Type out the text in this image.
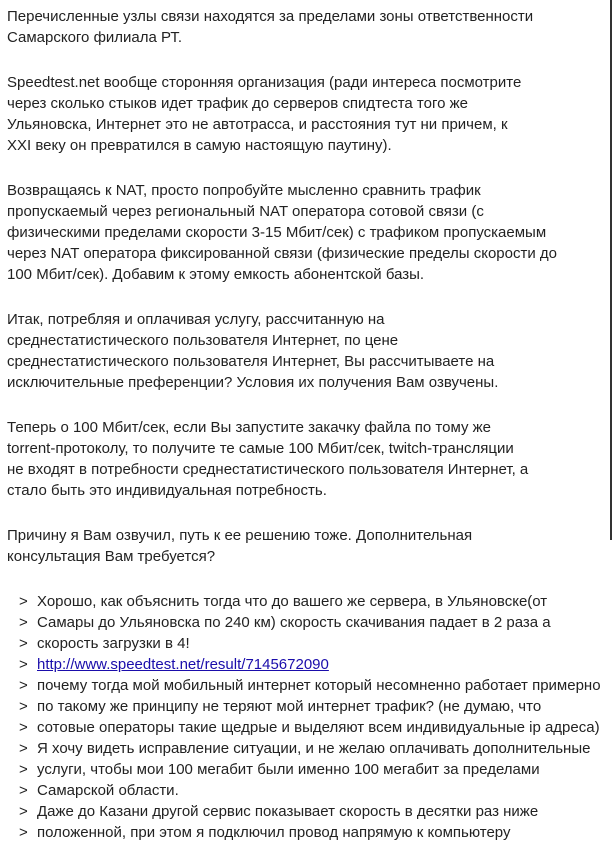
Перечисленные узлы связи находятся за пределами зоны ответственности
Самарского филиала РТ.
Speedtest.net вообще сторонняя организация (ради интереса посмотрите
через сколько стыков идет трафик до серверов спидтеста того же
Ульяновска, Интернет это не автотрасса, и расстояния тут ни причем, к
XXI веку он превратился в самую настоящую паутину).
Возвращаясь к NAT, просто попробуйте мысленно сравнить трафик
пропускаемый через региональный NAT оператора сотовой связи (с
физическими пределами скорости 3-15 Мбит/сек) с трафиком пропускаемым
через NAT оператора фиксированной связи (физические пределы скорости до
100 Мбит/сек). Добавим к этому емкость абонентской базы.
Итак, потребляя и оплачивая услугу, рассчитанную на
среднестатистического пользователя Интернет, по цене
среднестатистического пользователя Интернет, Вы рассчитываете на
исключительные преференции? Условия их получения Вам озвучены.
Теперь о 100 Мбит/сек, если Вы запустите закачку файла по тому же
torrent-протоколу, то получите те самые 100 Мбит/сек, twitch-трансляции
не входят в потребности среднестатистического пользователя Интернет, а
стало быть это индивидуальная потребность.
Причину я Вам озвучил, путь к ее решению тоже. Дополнительная
консультация Вам требуется?
> Хорошо, как объяснить тогда что до вашего же сервера, в Ульяновске(от
> Самары до Ульяновска по 240 км) скорость скачивания падает в 2 раза а
> скорость загрузки в 4!
> http://www.speedtest.net/result/7145672090
> почему тогда мой мобильный интернет который несомненно работает примерно
> по такому же принципу не теряют мой интернет трафик? (не думаю, что
> сотовые операторы такие щедрые и выделяют всем индивидуальные ip адреса)
> Я хочу видеть исправление ситуации, и не желаю оплачивать дополнительные
> услуги, чтобы мои 100 мегабит были именно 100 мегабит за пределами
> Самарской области.
> Даже до Казани другой сервис показывает скорость в десятки раз ниже
> положенной, при этом я подключил провод напрямую к компьютеру
